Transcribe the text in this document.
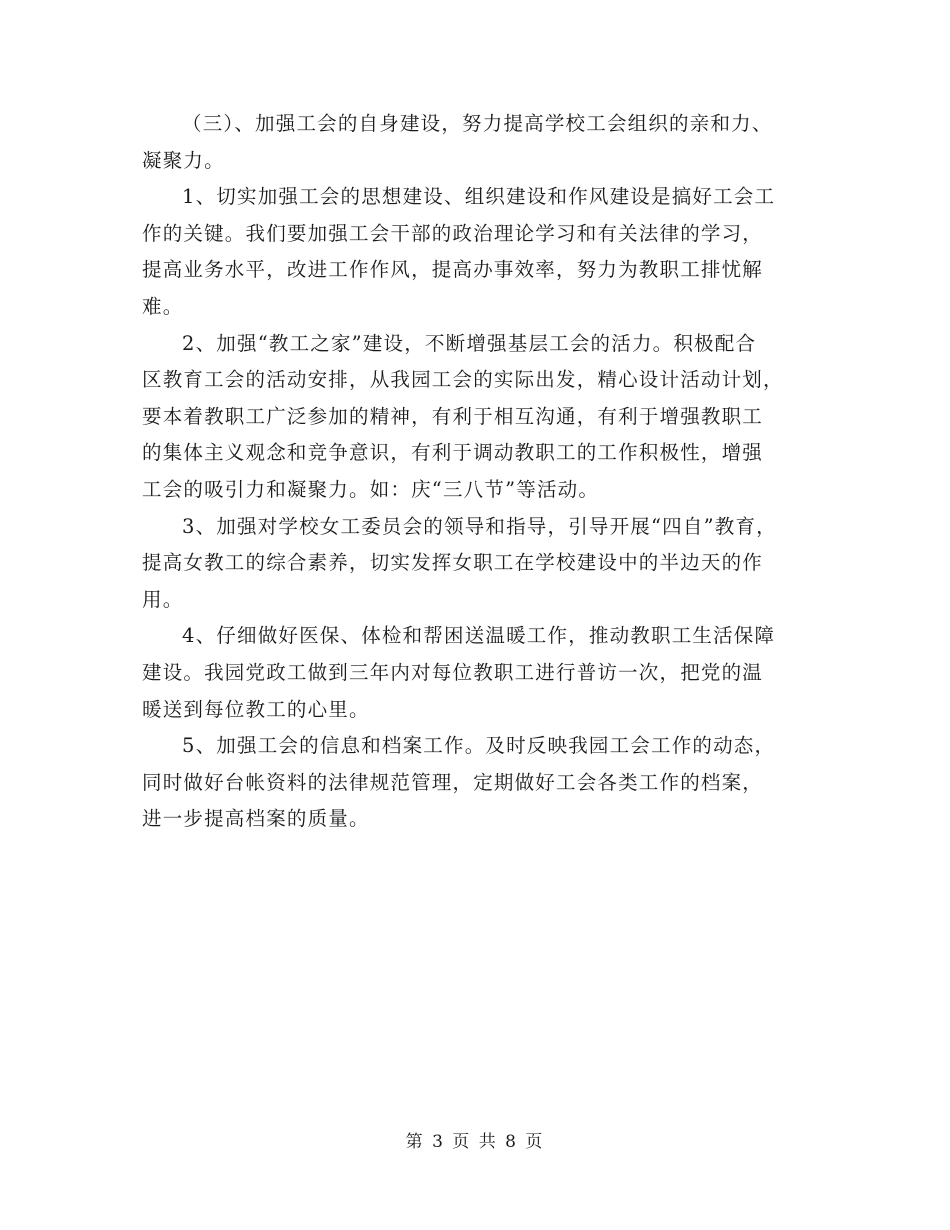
（三）、加强工会的自身建设，努力提高学校工会组织的亲和力、
凝聚力。

1、切实加强工会的思想建设、组织建设和作风建设是搞好工会工
作的关键。我们要加强工会干部的政治理论学习和有关法律的学习，
提高业务水平，改进工作作风，提高办事效率，努力为教职工排忧解
难。

2、加强“教工之家”建设，不断增强基层工会的活力。积极配合
区教育工会的活动安排，从我园工会的实际出发，精心设计活动计划，
要本着教职工广泛参加的精神，有利于相互沟通，有利于增强教职工
的集体主义观念和竞争意识，有利于调动教职工的工作积极性，增强
工会的吸引力和凝聚力。如：庆“三八节”等活动。

3、加强对学校女工委员会的领导和指导，引导开展“四自”教育，
提高女教工的综合素养，切实发挥女职工在学校建设中的半边天的作
用。

4、仔细做好医保、体检和帮困送温暖工作，推动教职工生活保障
建设。我园党政工做到三年内对每位教职工进行普访一次，把党的温
暖送到每位教工的心里。

5、加强工会的信息和档案工作。及时反映我园工会工作的动态，
同时做好台帐资料的法律规范管理，定期做好工会各类工作的档案，
进一步提高档案的质量。

第 3 页 共 8 页
